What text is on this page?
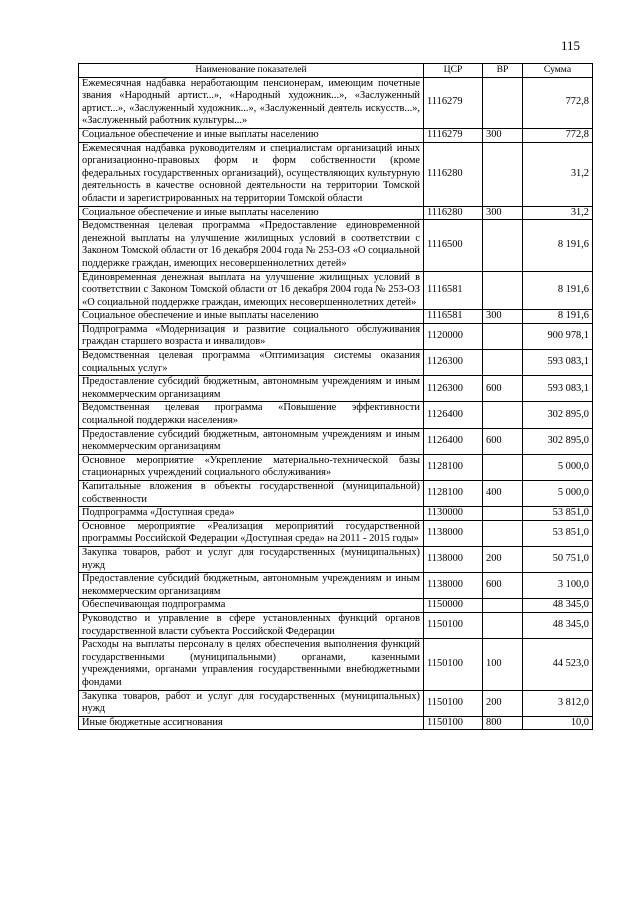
115
Наименование показателей	ЦСР	ВР	Сумма
Ежемесячная надбавка неработающим пенсионерам, имеющим почетные звания «Народный артист...», «Народный художник...», «Заслуженный артист...», «Заслуженный художник...», «Заслуженный деятель искусств...», «Заслуженный работник культуры...»	1116279		772,8
Социальное обеспечение и иные выплаты населению	1116279	300	772,8
Ежемесячная надбавка руководителям и специалистам организаций иных организационно-правовых форм и форм собственности (кроме федеральных государственных организаций), осуществляющих культурную деятельность в качестве основной деятельности на территории Томской области и зарегистрированных на территории Томской области	1116280		31,2
Социальное обеспечение и иные выплаты населению	1116280	300	31,2
Ведомственная целевая программа «Предоставление единовременной денежной выплаты на улучшение жилищных условий в соответствии с Законом Томской области от 16 декабря 2004 года № 253-ОЗ «О социальной поддержке граждан, имеющих несовершеннолетних детей»	1116500		8 191,6
Единовременная денежная выплата на улучшение жилищных условий в соответствии с Законом Томской области от 16 декабря 2004 года № 253-ОЗ «О социальной поддержке граждан, имеющих несовершеннолетних детей»	1116581		8 191,6
Социальное обеспечение и иные выплаты населению	1116581	300	8 191,6
Подпрограмма «Модернизация и развитие социального обслуживания граждан старшего возраста и инвалидов»	1120000		900 978,1
Ведомственная целевая программа «Оптимизация системы оказания социальных услуг»	1126300		593 083,1
Предоставление субсидий бюджетным, автономным учреждениям и иным некоммерческим организациям	1126300	600	593 083,1
Ведомственная целевая программа «Повышение эффективности социальной поддержки населения»	1126400		302 895,0
Предоставление субсидий бюджетным, автономным учреждениям и иным некоммерческим организациям	1126400	600	302 895,0
Основное мероприятие «Укрепление материально-технической базы стационарных учреждений социального обслуживания»	1128100		5 000,0
Капитальные вложения в объекты государственной (муниципальной) собственности	1128100	400	5 000,0
Подпрограмма «Доступная среда»	1130000		53 851,0
Основное мероприятие «Реализация мероприятий государственной программы Российской Федерации «Доступная среда» на 2011 - 2015 годы»	1138000		53 851,0
Закупка товаров, работ и услуг для государственных (муниципальных) нужд	1138000	200	50 751,0
Предоставление субсидий бюджетным, автономным учреждениям и иным некоммерческим организациям	1138000	600	3 100,0
Обеспечивающая подпрограмма	1150000		48 345,0
Руководство и управление в сфере установленных функций органов государственной власти субъекта Российской Федерации	1150100		48 345,0
Расходы на выплаты персоналу в целях обеспечения выполнения функций государственными (муниципальными) органами, казенными учреждениями, органами управления государственными внебюджетными фондами	1150100	100	44 523,0
Закупка товаров, работ и услуг для государственных (муниципальных) нужд	1150100	200	3 812,0
Иные бюджетные ассигнования	1150100	800	10,0
